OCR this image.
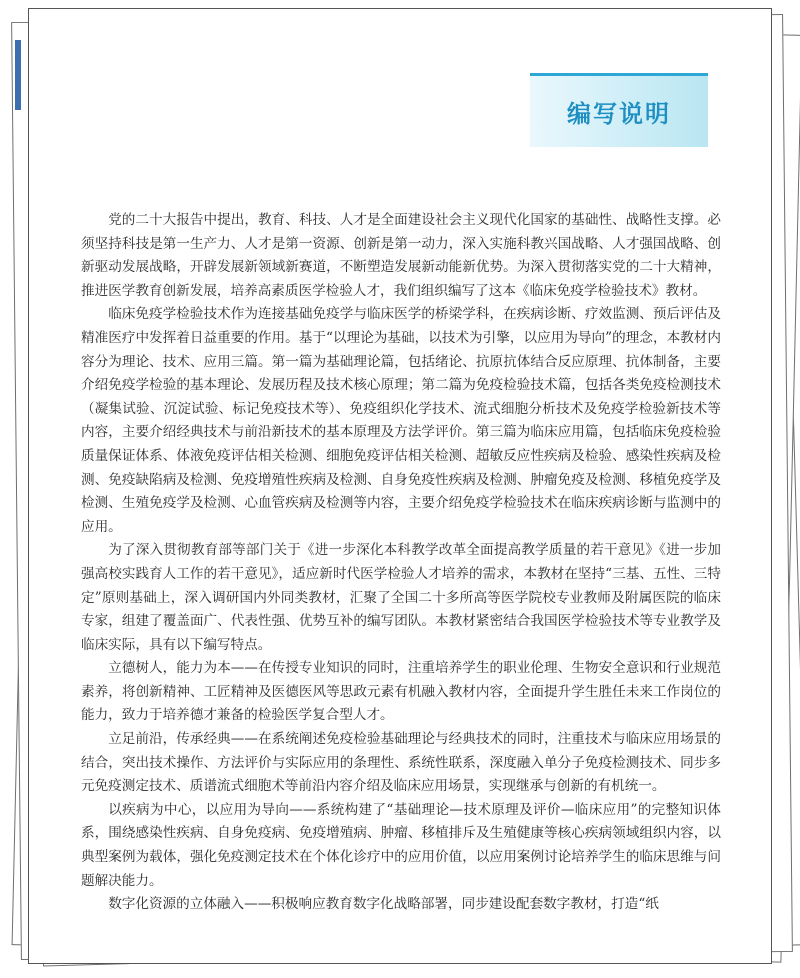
编写说明

党的二十大报告中提出，教育、科技、人才是全面建设社会主义现代化国家的基础性、战略性支撑。必须坚持科技是第一生产力、人才是第一资源、创新是第一动力，深入实施科教兴国战略、人才强国战略、创新驱动发展战略，开辟发展新领域新赛道，不断塑造发展新动能新优势。为深入贯彻落实党的二十大精神，推进医学教育创新发展，培养高素质医学检验人才，我们组织编写了这本《临床免疫学检验技术》教材。

临床免疫学检验技术作为连接基础免疫学与临床医学的桥梁学科，在疾病诊断、疗效监测、预后评估及精准医疗中发挥着日益重要的作用。基于“以理论为基础，以技术为引擎，以应用为导向”的理念，本教材内容分为理论、技术、应用三篇。第一篇为基础理论篇，包括绪论、抗原抗体结合反应原理、抗体制备，主要介绍免疫学检验的基本理论、发展历程及技术核心原理；第二篇为免疫检验技术篇，包括各类免疫检测技术（凝集试验、沉淀试验、标记免疫技术等）、免疫组织化学技术、流式细胞分析技术及免疫学检验新技术等内容，主要介绍经典技术与前沿新技术的基本原理及方法学评价。第三篇为临床应用篇，包括临床免疫检验质量保证体系、体液免疫评估相关检测、细胞免疫评估相关检测、超敏反应性疾病及检验、感染性疾病及检测、免疫缺陷病及检测、免疫增殖性疾病及检测、自身免疫性疾病及检测、肿瘤免疫及检测、移植免疫学及检测、生殖免疫学及检测、心血管疾病及检测等内容，主要介绍免疫学检验技术在临床疾病诊断与监测中的应用。

为了深入贯彻教育部等部门关于《进一步深化本科教学改革全面提高教学质量的若干意见》《进一步加强高校实践育人工作的若干意见》，适应新时代医学检验人才培养的需求，本教材在坚持“三基、五性、三特定”原则基础上，深入调研国内外同类教材，汇聚了全国二十多所高等医学院校专业教师及附属医院的临床专家，组建了覆盖面广、代表性强、优势互补的编写团队。本教材紧密结合我国医学检验技术等专业教学及临床实际，具有以下编写特点。

立德树人，能力为本——在传授专业知识的同时，注重培养学生的职业伦理、生物安全意识和行业规范素养，将创新精神、工匠精神及医德医风等思政元素有机融入教材内容，全面提升学生胜任未来工作岗位的能力，致力于培养德才兼备的检验医学复合型人才。

立足前沿，传承经典——在系统阐述免疫检验基础理论与经典技术的同时，注重技术与临床应用场景的结合，突出技术操作、方法评价与实际应用的条理性、系统性联系，深度融入单分子免疫检测技术、同步多元免疫测定技术、质谱流式细胞术等前沿内容介绍及临床应用场景，实现继承与创新的有机统一。

以疾病为中心，以应用为导向——系统构建了“基础理论—技术原理及评价—临床应用”的完整知识体系，围绕感染性疾病、自身免疫病、免疫增殖病、肿瘤、移植排斥及生殖健康等核心疾病领域组织内容，以典型案例为载体，强化免疫测定技术在个体化诊疗中的应用价值，以应用案例讨论培养学生的临床思维与问题解决能力。

数字化资源的立体融入——积极响应教育数字化战略部署，同步建设配套数字教材，打造“纸
